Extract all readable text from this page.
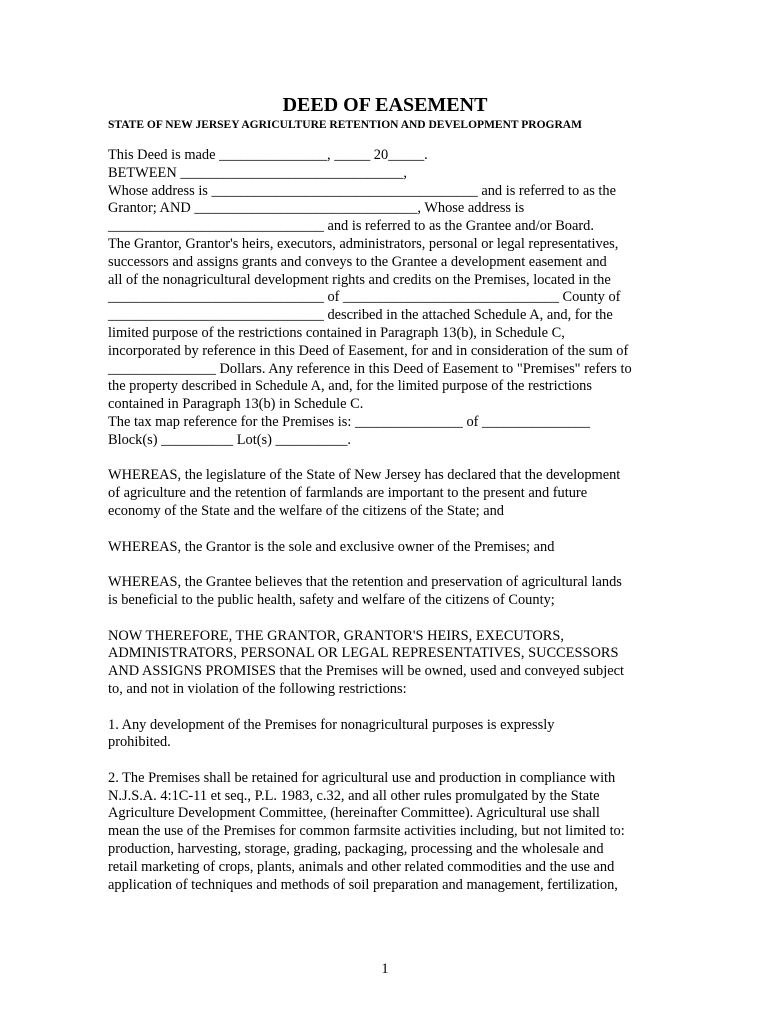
DEED OF EASEMENT
STATE OF NEW JERSEY AGRICULTURE RETENTION AND DEVELOPMENT PROGRAM
This Deed is made _______________, _____ 20_____.
BETWEEN _______________________________,
Whose address is _____________________________________ and is referred to as the
Grantor; AND _______________________________, Whose address is
______________________________ and is referred to as the Grantee and/or Board.
The Grantor, Grantor's heirs, executors, administrators, personal or legal representatives,
successors and assigns grants and conveys to the Grantee a development easement and
all of the nonagricultural development rights and credits on the Premises, located in the
______________________________ of ______________________________ County of
______________________________ described in the attached Schedule A, and, for the
limited purpose of the restrictions contained in Paragraph 13(b), in Schedule C,
incorporated by reference in this Deed of Easement, for and in consideration of the sum of
_______________ Dollars. Any reference in this Deed of Easement to "Premises" refers to
the property described in Schedule A, and, for the limited purpose of the restrictions
contained in Paragraph 13(b) in Schedule C.
The tax map reference for the Premises is: _______________ of _______________
Block(s) __________ Lot(s) __________.
WHEREAS, the legislature of the State of New Jersey has declared that the development
of agriculture and the retention of farmlands are important to the present and future
economy of the State and the welfare of the citizens of the State; and
WHEREAS, the Grantor is the sole and exclusive owner of the Premises; and
WHEREAS, the Grantee believes that the retention and preservation of agricultural lands
is beneficial to the public health, safety and welfare of the citizens of County;
NOW THEREFORE, THE GRANTOR, GRANTOR'S HEIRS, EXECUTORS,
ADMINISTRATORS, PERSONAL OR LEGAL REPRESENTATIVES, SUCCESSORS
AND ASSIGNS PROMISES that the Premises will be owned, used and conveyed subject
to, and not in violation of the following restrictions:
1. Any development of the Premises for nonagricultural purposes is expressly
prohibited.
2. The Premises shall be retained for agricultural use and production in compliance with
N.J.S.A. 4:1C-11 et seq., P.L. 1983, c.32, and all other rules promulgated by the State
Agriculture Development Committee, (hereinafter Committee). Agricultural use shall
mean the use of the Premises for common farmsite activities including, but not limited to:
production, harvesting, storage, grading, packaging, processing and the wholesale and
retail marketing of crops, plants, animals and other related commodities and the use and
application of techniques and methods of soil preparation and management, fertilization,
1
